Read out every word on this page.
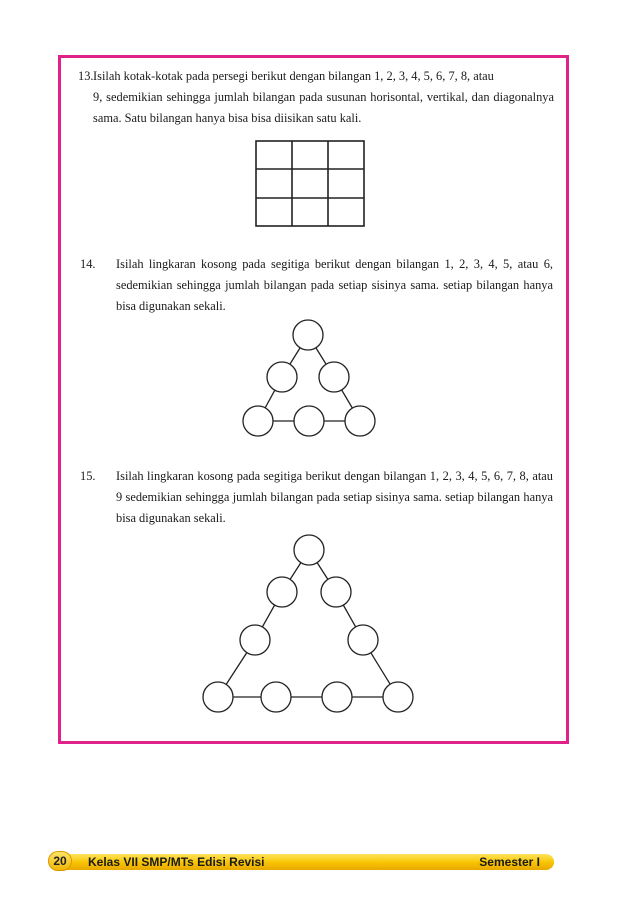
13. Isilah kotak-kotak pada persegi berikut dengan bilangan 1, 2, 3, 4, 5, 6, 7, 8, atau
9, sedemikian sehingga jumlah bilangan pada susunan horisontal, vertikal, dan diagonalnya sama. Satu bilangan hanya bisa bisa diisikan satu kali.
14. Isilah lingkaran kosong pada segitiga berikut dengan bilangan 1, 2, 3, 4, 5, atau 6, sedemikian sehingga jumlah bilangan pada setiap sisinya sama. setiap bilangan hanya bisa digunakan sekali.
15. Isilah lingkaran kosong pada segitiga berikut dengan bilangan 1, 2, 3, 4, 5, 6, 7, 8, atau 9 sedemikian sehingga jumlah bilangan pada setiap sisinya sama. setiap bilangan hanya bisa digunakan sekali.
20	Kelas VII SMP/MTs Edisi Revisi	Semester I
